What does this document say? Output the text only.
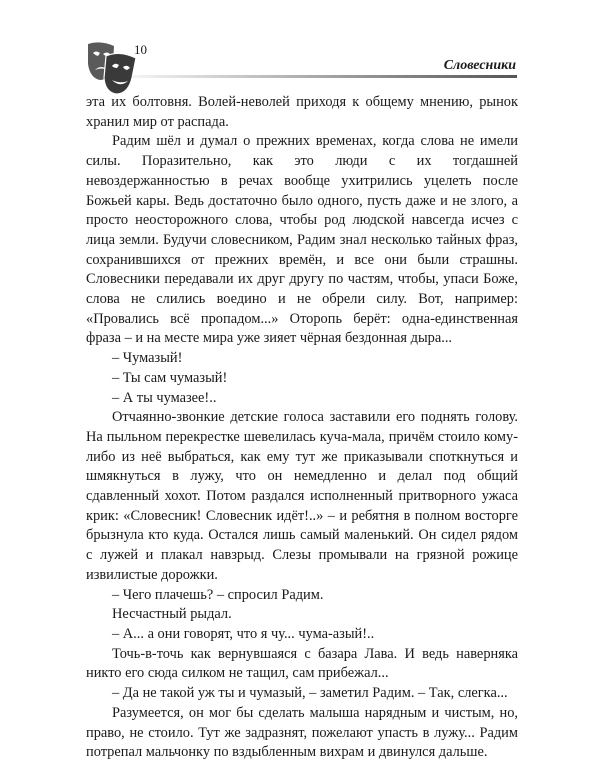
10
Словесники

эта их болтовня. Волей-неволей приходя к общему мнению, рынок хранил мир от распада.

Радим шёл и думал о прежних временах, когда слова не имели силы. Поразительно, как это люди с их тогдашней невоздержанностью в речах вообще ухитрились уцелеть после Божьей кары. Ведь достаточно было одного, пусть даже и не злого, а просто неосторожного слова, чтобы род людской навсегда исчез с лица земли. Будучи словесником, Радим знал несколько тайных фраз, сохранившихся от прежних времён, и все они были страшны. Словесники передавали их друг другу по частям, чтобы, упаси Боже, слова не слились воедино и не обрели силу. Вот, например: «Провались всё пропадом...» Оторопь берёт: одна-единственная фраза – и на месте мира уже зияет чёрная бездонная дыра...

– Чумазый!

– Ты сам чумазый!

– А ты чумазее!..

Отчаянно-звонкие детские голоса заставили его поднять голову. На пыльном перекрестке шевелилась куча-мала, причём стоило кому-либо из неё выбраться, как ему тут же приказывали споткнуться и шмякнуться в лужу, что он немедленно и делал под общий сдавленный хохот. Потом раздался исполненный притворного ужаса крик: «Словесник! Словесник идёт!..» – и ребятня в полном восторге брызнула кто куда. Остался лишь самый маленький. Он сидел рядом с лужей и плакал навзрыд. Слезы промывали на грязной рожице извилистые дорожки.

– Чего плачешь? – спросил Радим.

Несчастный рыдал.

– А... а они говорят, что я чу... чума-азый!..

Точь-в-точь как вернувшаяся с базара Лава. И ведь наверняка никто его сюда силком не тащил, сам прибежал...

– Да не такой уж ты и чумазый, – заметил Радим. – Так, слегка...

Разумеется, он мог бы сделать малыша нарядным и чистым, но, право, не стоило. Тут же задразнят, пожелают упасть в лужу... Радим потрепал мальчонку по вздыбленным вихрам и двинулся дальше.
